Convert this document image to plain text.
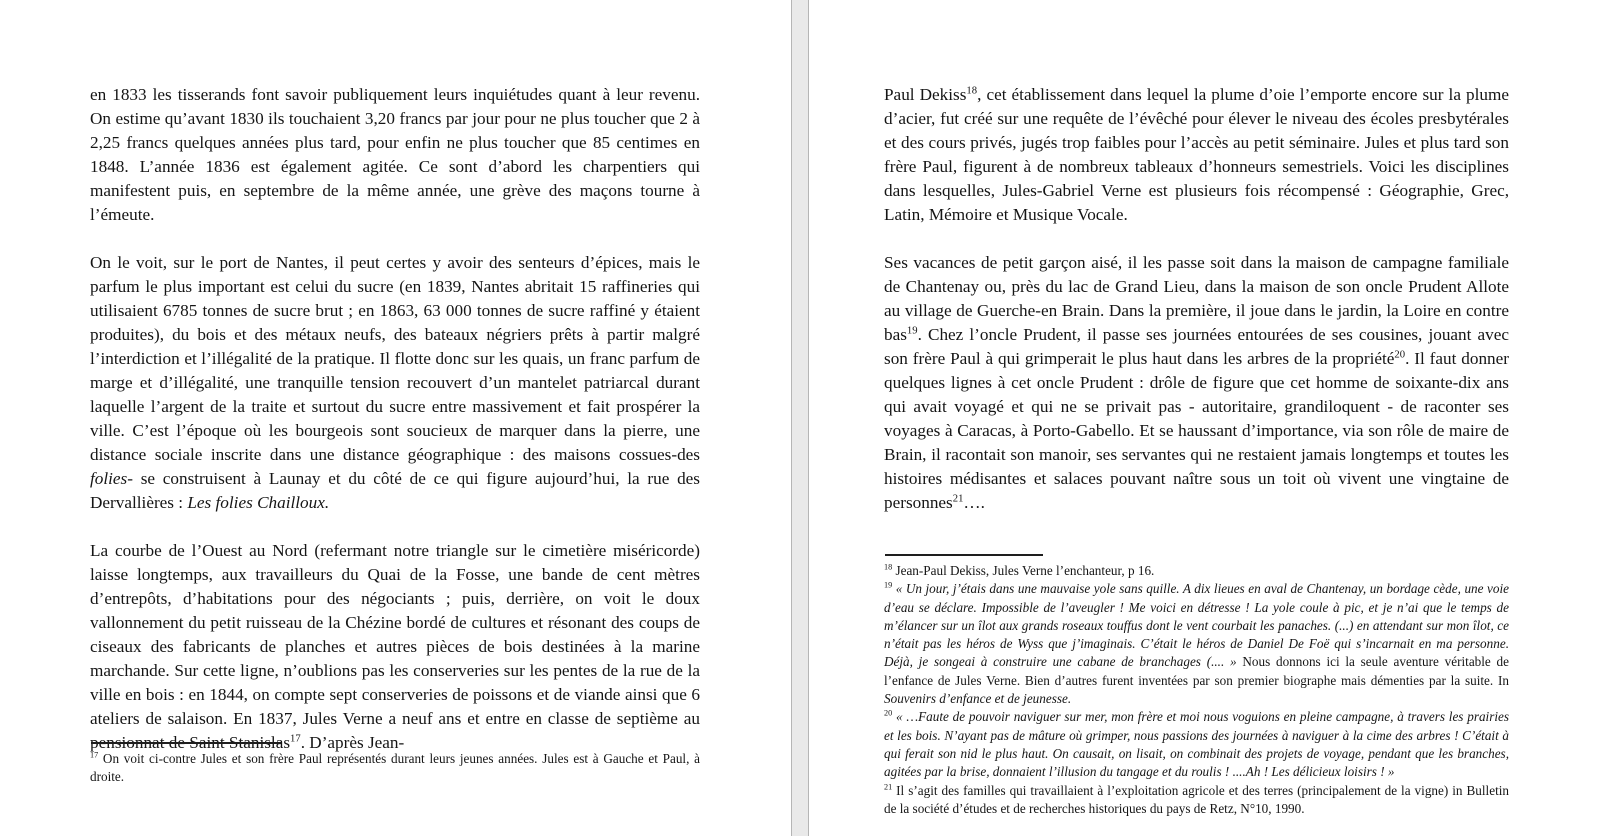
en 1833 les tisserands font savoir publiquement leurs inquiétudes quant à leur revenu. On estime qu’avant 1830 ils touchaient 3,20 francs par jour pour ne plus toucher que 2 à 2,25 francs quelques années plus tard, pour enfin ne plus toucher que 85 centimes en 1848. L’année 1836 est également agitée. Ce sont d’abord les charpentiers qui manifestent puis, en septembre de la même année, une grève des maçons tourne à l’émeute.

On le voit, sur le port de Nantes, il peut certes y avoir des senteurs d’épices, mais le parfum le plus important est celui du sucre (en 1839, Nantes abritait 15 raffineries qui utilisaient 6785 tonnes de sucre brut ; en 1863, 63 000 tonnes de sucre raffiné y étaient produites), du bois et des métaux neufs, des bateaux négriers prêts à partir malgré l’interdiction et l’illégalité de la pratique. Il flotte donc sur les quais, un franc parfum de marge et d’illégalité, une tranquille tension recouvert d’un mantelet patriarcal durant laquelle l’argent de la traite et surtout du sucre entre massivement et fait prospérer la ville. C’est l’époque où les bourgeois sont soucieux de marquer dans la pierre, une distance sociale inscrite dans une distance géographique : des maisons cossues-des folies- se construisent à Launay et du côté de ce qui figure aujourd’hui, la rue des Dervallières : Les folies Chailloux.

La courbe de l’Ouest au Nord (refermant notre triangle sur le cimetière miséricorde) laisse longtemps, aux travailleurs du Quai de la Fosse, une bande de cent mètres d’entrepôts, d’habitations pour des négociants ; puis, derrière, on voit le doux vallonnement du petit ruisseau de la Chézine bordé de cultures et résonant des coups de ciseaux des fabricants de planches et autres pièces de bois destinées à la marine marchande. Sur cette ligne, n’oublions pas les conserveries sur les pentes de la rue de la ville en bois : en 1844, on compte sept conserveries de poissons et de viande ainsi que 6 ateliers de salaison. En 1837, Jules Verne a neuf ans et entre en classe de septième au pensionnat de Saint Stanislas$^{17}$. D’après Jean-

$^{17}$ On voit ci-contre Jules et son frère Paul représentés durant leurs jeunes années. Jules est à Gauche et Paul, à droite.

Paul Dekiss$^{18}$, cet établissement dans lequel la plume d’oie l’emporte encore sur la plume d’acier, fut créé sur une requête de l’évêché pour élever le niveau des écoles presbytérales et des cours privés, jugés trop faibles pour l’accès au petit séminaire. Jules et plus tard son frère Paul, figurent à de nombreux tableaux d’honneurs semestriels. Voici les disciplines dans lesquelles, Jules-Gabriel Verne est plusieurs fois récompensé : Géographie, Grec, Latin, Mémoire et Musique Vocale.

Ses vacances de petit garçon aisé, il les passe soit dans la maison de campagne familiale de Chantenay ou, près du lac de Grand Lieu, dans la maison de son oncle Prudent Allote au village de Guerche-en Brain. Dans la première, il joue dans le jardin, la Loire en contre bas$^{19}$. Chez l’oncle Prudent, il passe ses journées entourées de ses cousines, jouant avec son frère Paul à qui grimperait le plus haut dans les arbres de la propriété$^{20}$. Il faut donner quelques lignes à cet oncle Prudent : drôle de figure que cet homme de soixante-dix ans qui avait voyagé et qui ne se privait pas - autoritaire, grandiloquent - de raconter ses voyages à Caracas, à Porto-Gabello. Et se haussant d’importance, via son rôle de maire de Brain, il racontait son manoir, ses servantes qui ne restaient jamais longtemps et toutes les histoires médisantes et salaces pouvant naître sous un toit où vivent une vingtaine de personnes$^{21}$….

$^{18}$ Jean-Paul Dekiss, Jules Verne l’enchanteur, p 16.
$^{19}$ « Un jour, j’étais dans une mauvaise yole sans quille. A dix lieues en aval de Chantenay, un bordage cède, une voie d’eau se déclare. Impossible de l’aveugler ! Me voici en détresse ! La yole coule à pic, et je n’ai que le temps de m’élancer sur un îlot aux grands roseaux touffus dont le vent courbait les panaches. (...) en attendant sur mon îlot, ce n’était pas les héros de Wyss que j’imaginais. C’était le héros de Daniel De Foë qui s’incarnait en ma personne. Déjà, je songeai à construire une cabane de branchages (.... » Nous donnons ici la seule aventure véritable de l’enfance de Jules Verne. Bien d’autres furent inventées par son premier biographe mais démenties par la suite. In Souvenirs d’enfance et de jeunesse.
$^{20}$ « …Faute de pouvoir naviguer sur mer, mon frère et moi nous voguions en pleine campagne, à travers les prairies et les bois. N’ayant pas de mâture où grimper, nous passions des journées à naviguer à la cime des arbres ! C’était à qui ferait son nid le plus haut. On causait, on lisait, on combinait des projets de voyage, pendant que les branches, agitées par la brise, donnaient l’illusion du tangage et du roulis ! ....Ah ! Les délicieux loisirs ! »
$^{21}$ Il s’agit des familles qui travaillaient à l’exploitation agricole et des terres (principalement de la vigne) in Bulletin de la société d’études et de recherches historiques du pays de Retz, N°10, 1990.
